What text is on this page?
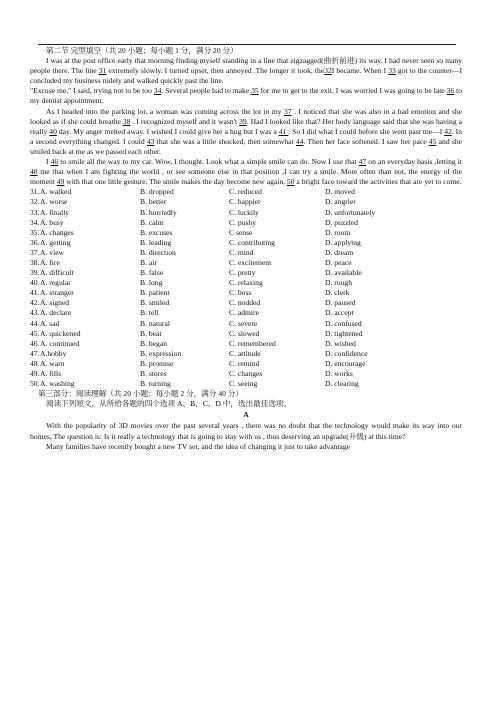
第二节 完型填空（共 20 小题；每小题 1 分，满分 20 分）

I was at the post office early that morning finding myself standing in a line that zigzagged(曲折前进) its way. I had never seen so many people there. The line 31 extremely slowly. I turned upset, then annoyed .The longer it took, the32I became. When I 33 got to the counter—I concluded my business rudely and walked quickly past the line.

"Excuse me," I said, trying not to be too 34. Several people had to make 35 for me to get to the exit. I was worried I was going to be late 36 to my dentist appointment.

As I headed into the parking lot, a woman was coming across the lot in my 37 . I noticed that she was also in a bad emotion and she looked as if she could breathe 38 . I recognized myself and it wasn't 39. Had I looked like that? Her body language said that she was having a really 40 day. My anger melted away. I wished I could give her a hug but I was a 41 . So I did what I could before she went past me—I 42. In a second everything changed. I could 43 that she was a little shocked, then somewhat 44. Then her face softened. I saw her pace 45 and she smiled back at me as we passed each other.

I 46 to smile all the way to my car. Wow, I thought. Look what a simple smile can do. Now I use that 47 on an everyday basis ,letting it 48 me that when I am fighting the world , or see someone else in that position ,I can try a smile. More often than not, the energy of the moment 49 with that one little gesture. The smile makes the day become new again, 50 a bright face toward the activities that are yet to come.

31. A. walked	B. dropped	C. reduced	D. moved
32. A. worse	B. better	C. happier	D. angrier
33. A. finally	B. hurriedly	C. luckily	D. unfortunately
34. A. busy	B. calm	C. pushy	D. puzzled
35. A. changes	B. excuses	C sense	D. room
36. A. getting	B. leading	C. contributing	D. applying
37. A. view	B. direction	C. mind	D. dream
38. A. fire	B. air	C. excitement	D. peace
39. A. difficult	B. false	C. pretty	D. available
40. A. regular	B. long	C. relaxing	D. rough
41. A. stranger	B. patient	C. boss	D. clerk
42. A. signed	B. smiled	C. nodded	D. paused
43. A. declare	B. tell	C. admire	D. accept
44. A. sad	B. natural	C. severe	D. confused
45. A. quickened	B. beat	C. slowed	D. tightened
46. A. continued	B. began	C. remembered	D. wished
47. A.hobby	B. expression	C. attitude	D. confidence
48. A. warn	B. promise	C. remind	D. encourage
49. A. fills	B. stores	C. changes	D. works
50. A. washing	B. turning	C. seeing	D. clearing

第三部分：阅读理解（共 20 小题；每小题 2 分，满分 40 分）

阅读下列短文，从所给各题的四个选项 A、B、C、D 中，选出最佳选项。

A

With the popularity of 3D movies over the past several years , there was no doubt that the technology would make its way into our homes, The question is: Is it really a technology that is going to stay with us , thus deserving an upgrade(升级) at this time?

Many families have recently bought a new TV set, and the idea of changing it just to take advantage
